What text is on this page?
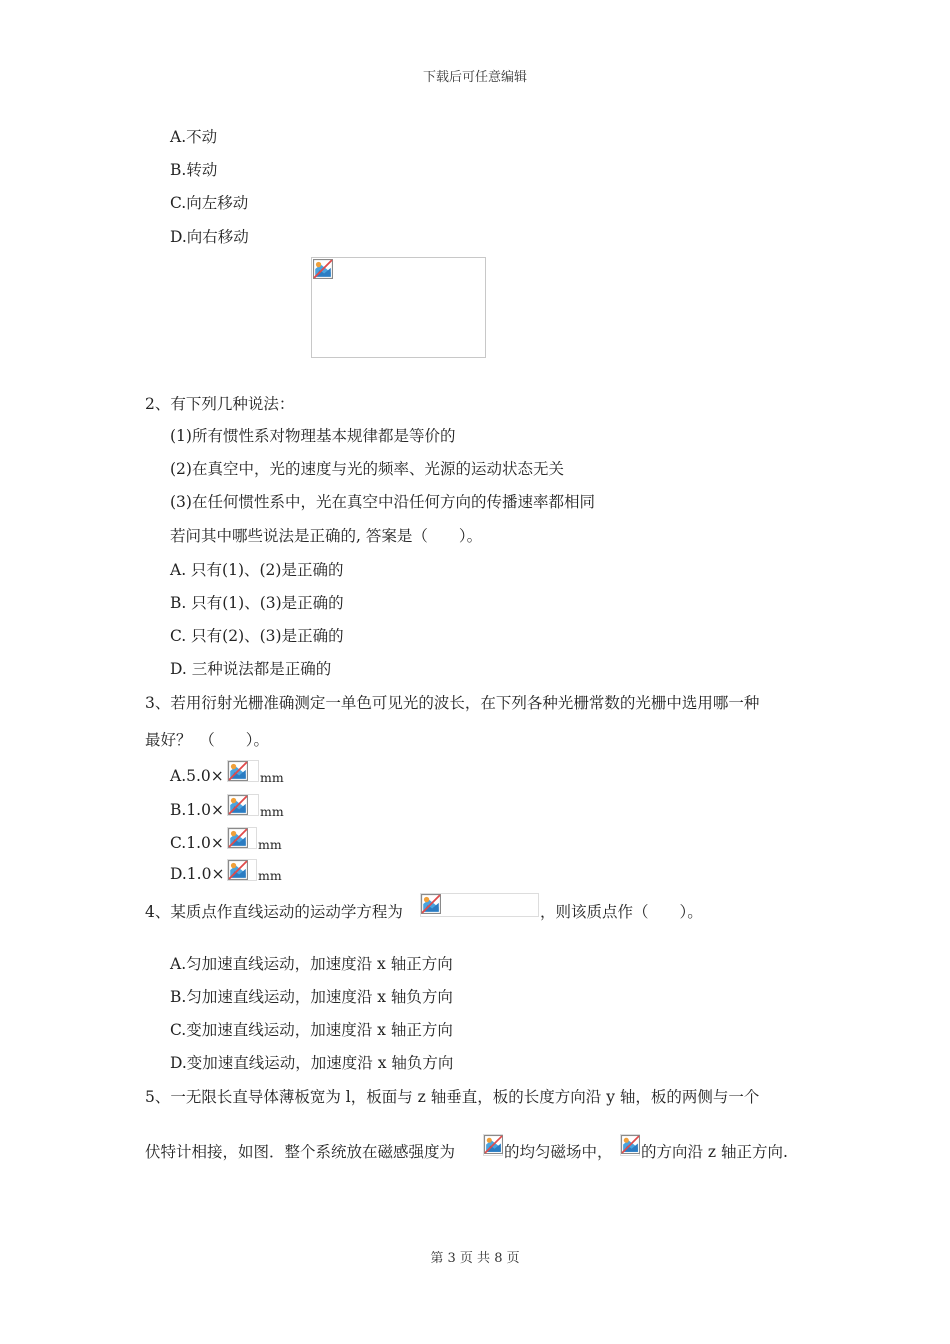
下载后可任意编辑
A.不动
B.转动
C.向左移动
D.向右移动
2、有下列几种说法：
(1)所有惯性系对物理基本规律都是等价的
(2)在真空中，光的速度与光的频率、光源的运动状态无关
(3)在任何惯性系中，光在真空中沿任何方向的传播速率都相同
若问其中哪些说法是正确的, 答案是（　　）。
A. 只有(1)、(2)是正确的
B. 只有(1)、(3)是正确的
C. 只有(2)、(3)是正确的
D. 三种说法都是正确的
3、若用衍射光栅准确测定一单色可见光的波长，在下列各种光栅常数的光栅中选用哪一种
最好？　（　　）。
A.5.0×	mm
B.1.0×	mm
C.1.0×	mm
D.1.0×	mm
4、某质点作直线运动的运动学方程为	，则该质点作（　　）。
A.匀加速直线运动，加速度沿 x 轴正方向
B.匀加速直线运动，加速度沿 x 轴负方向
C.变加速直线运动，加速度沿 x 轴正方向
D.变加速直线运动，加速度沿 x 轴负方向
5、一无限长直导体薄板宽为 l，板面与 z 轴垂直，板的长度方向沿 y 轴，板的两侧与一个
伏特计相接，如图．整个系统放在磁感强度为	的均匀磁场中， 的方向沿 z 轴正方向.
第 3 页 共 8 页
